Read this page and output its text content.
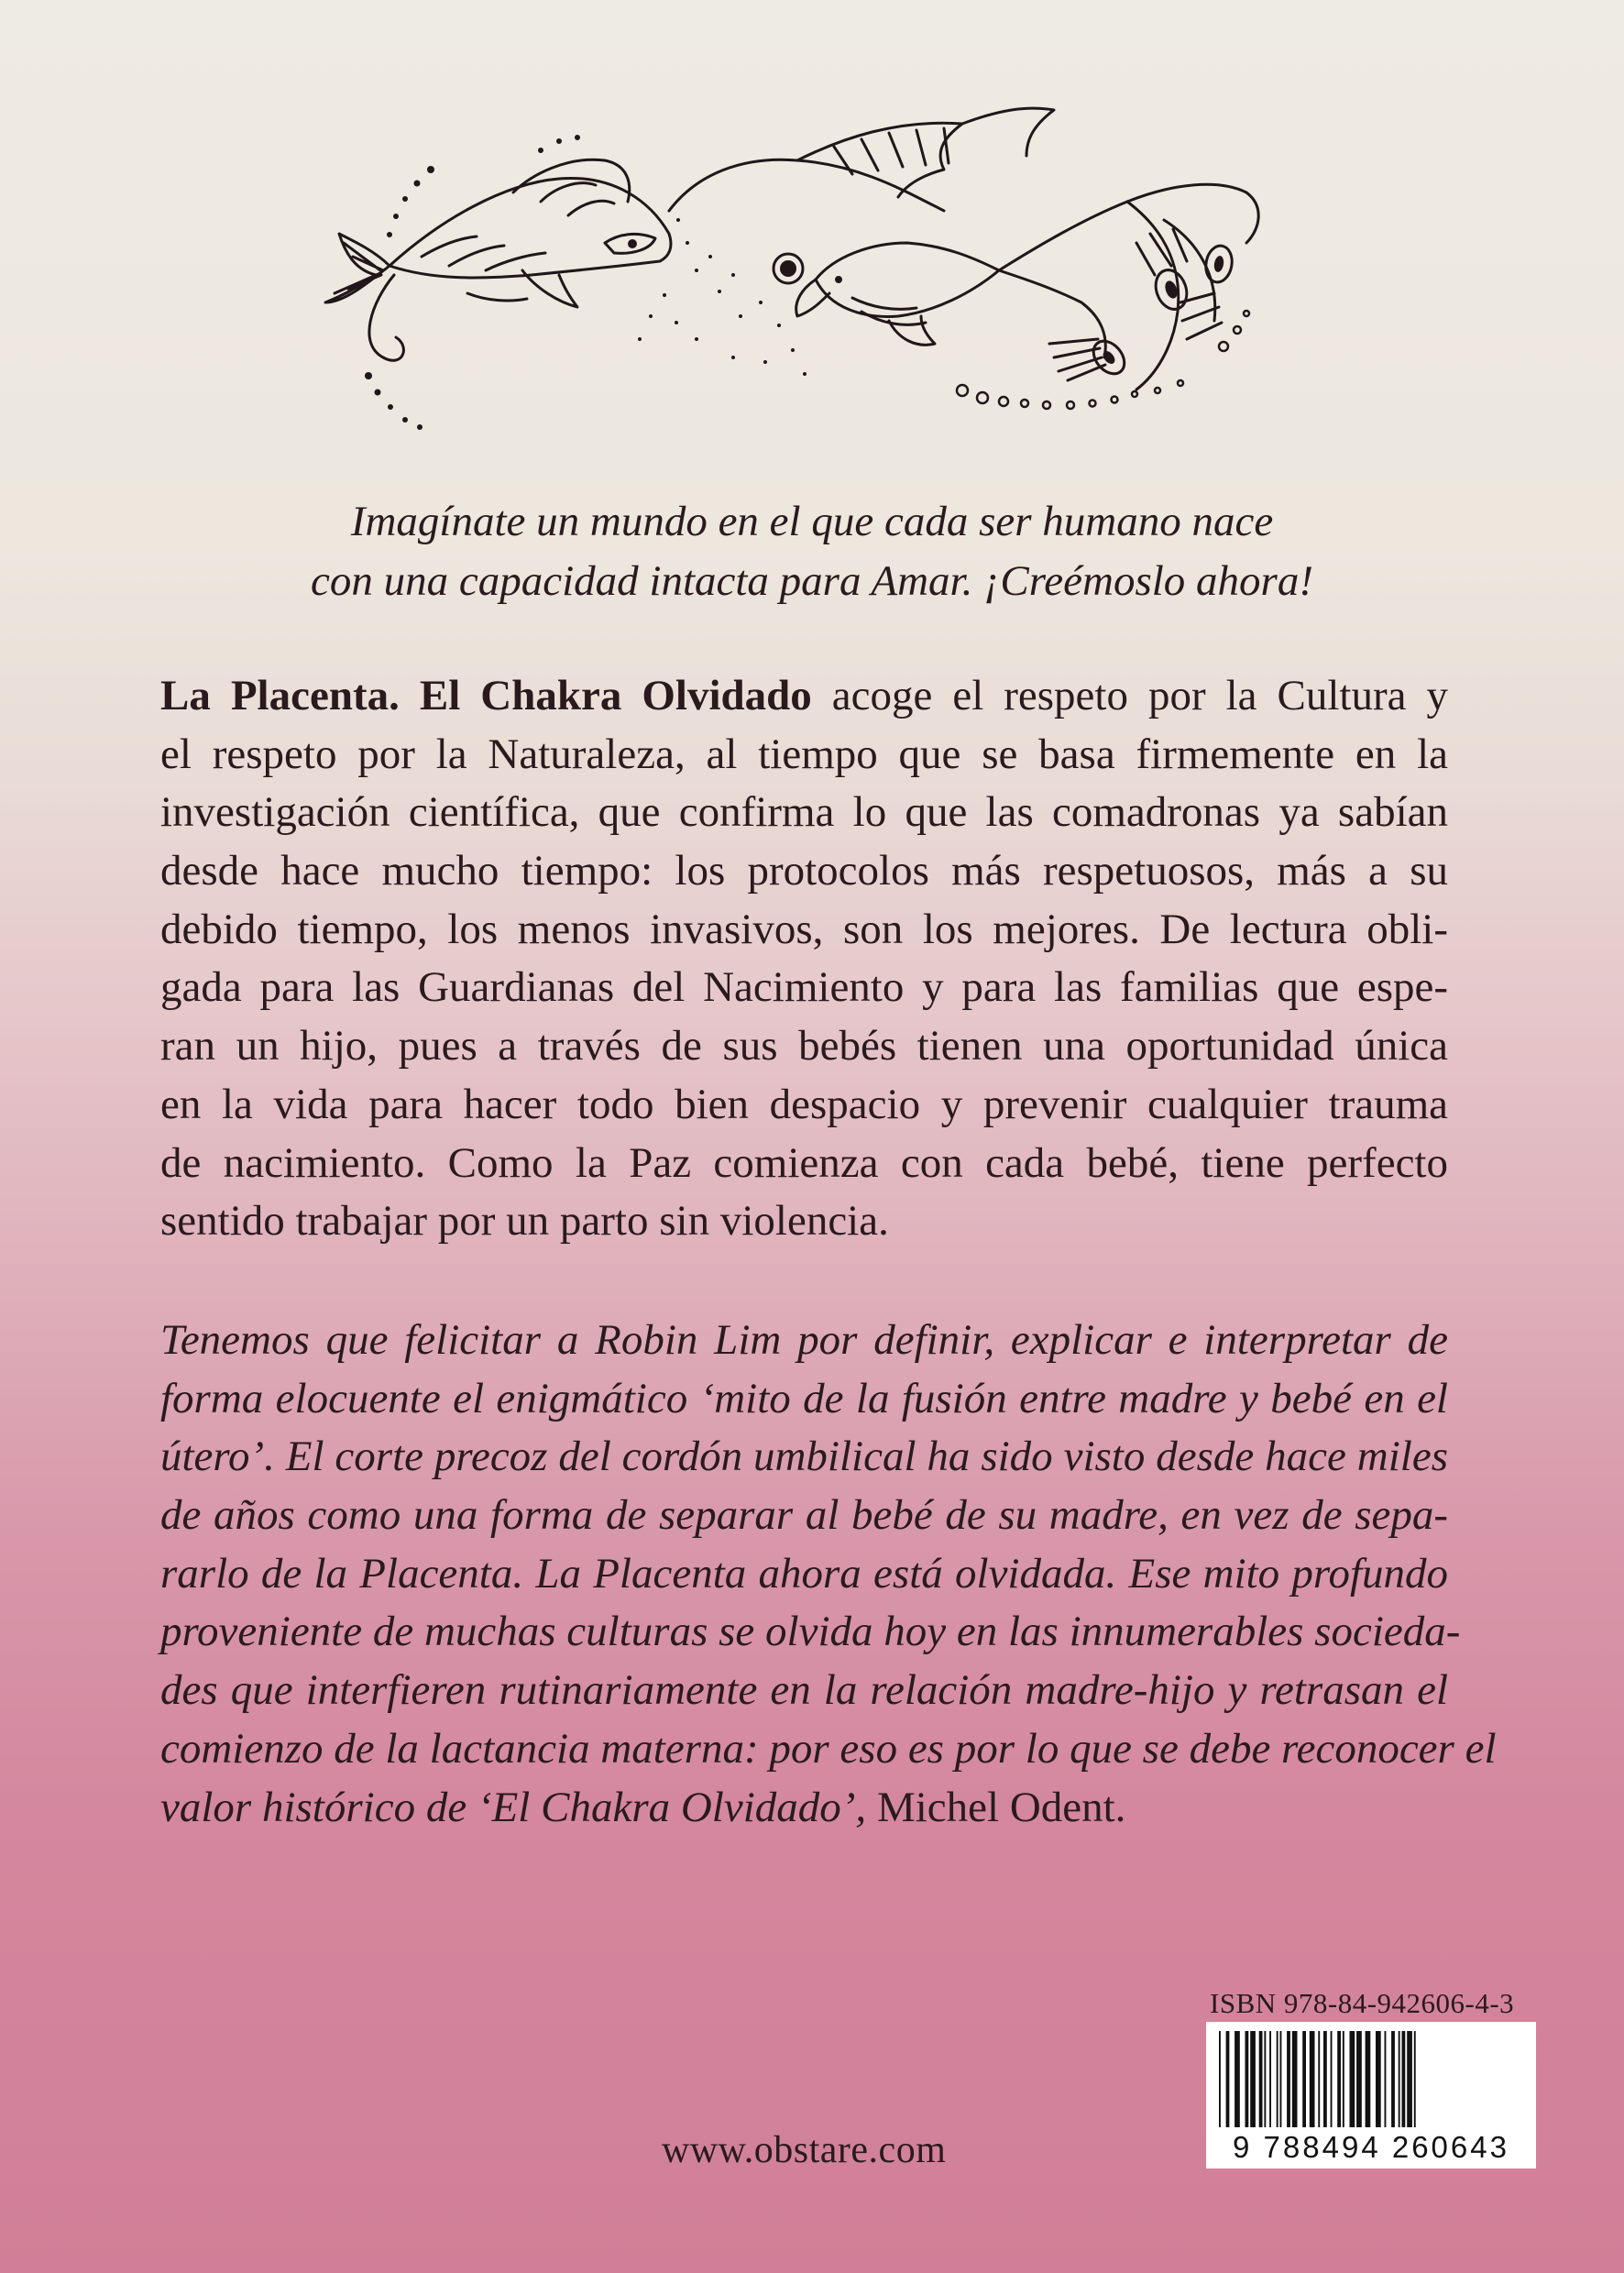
Imagínate un mundo en el que cada ser humano nace
con una capacidad intacta para Amar. ¡Creémoslo ahora!
La Placenta. El Chakra Olvidado acoge el respeto por la Cultura y
el respeto por la Naturaleza, al tiempo que se basa firmemente en la
investigación científica, que confirma lo que las comadronas ya sabían
desde hace mucho tiempo: los protocolos más respetuosos, más a su
debido tiempo, los menos invasivos, son los mejores. De lectura obli-
gada para las Guardianas del Nacimiento y para las familias que espe-
ran un hijo, pues a través de sus bebés tienen una oportunidad única
en la vida para hacer todo bien despacio y prevenir cualquier trauma
de nacimiento. Como la Paz comienza con cada bebé, tiene perfecto
sentido trabajar por un parto sin violencia.
Tenemos que felicitar a Robin Lim por definir, explicar e interpretar de
forma elocuente el enigmático ‘mito de la fusión entre madre y bebé en el
útero’. El corte precoz del cordón umbilical ha sido visto desde hace miles
de años como una forma de separar al bebé de su madre, en vez de sepa-
rarlo de la Placenta. La Placenta ahora está olvidada. Ese mito profundo
proveniente de muchas culturas se olvida hoy en las innumerables socieda-
des que interfieren rutinariamente en la relación madre-hijo y retrasan el
comienzo de la lactancia materna: por eso es por lo que se debe reconocer el
valor histórico de ‘El Chakra Olvidado’, Michel Odent.
ISBN 978-84-942606-4-3
9 788494 260643
www.obstare.com
